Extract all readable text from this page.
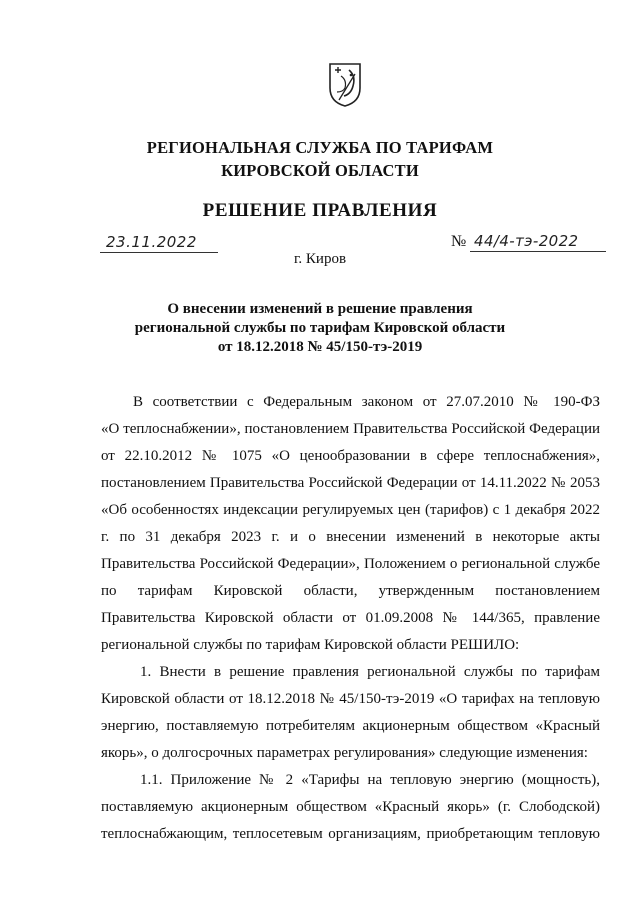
РЕГИОНАЛЬНАЯ СЛУЖБА ПО ТАРИФАМ
КИРОВСКОЙ ОБЛАСТИ
РЕШЕНИЕ ПРАВЛЕНИЯ
23.11.2022	№ 44/4-тэ-2022
г. Киров
О внесении изменений в решение правления
региональной службы по тарифам Кировской области
от 18.12.2018 № 45/150-тэ-2019
В соответствии с Федеральным законом от 27.07.2010 № 190-ФЗ
«О теплоснабжении», постановлением Правительства Российской Федерации
от 22.10.2012 № 1075 «О ценообразовании в сфере теплоснабжения»,
постановлением Правительства Российской Федерации от 14.11.2022 № 2053
«Об особенностях индексации регулируемых цен (тарифов) с 1 декабря 2022
г. по 31 декабря 2023 г. и о внесении изменений в некоторые акты
Правительства Российской Федерации», Положением о региональной службе
по тарифам Кировской области, утвержденным постановлением
Правительства Кировской области от 01.09.2008 № 144/365, правление
региональной службы по тарифам Кировской области РЕШИЛО:
1. Внести в решение правления региональной службы по тарифам
Кировской области от 18.12.2018 № 45/150-тэ-2019 «О тарифах на тепловую
энергию, поставляемую потребителям акционерным обществом «Красный
якорь», о долгосрочных параметрах регулирования» следующие изменения:
1.1. Приложение № 2 «Тарифы на тепловую энергию (мощность),
поставляемую акционерным обществом «Красный якорь» (г. Слободской)
теплоснабжающим, теплосетевым организациям, приобретающим тепловую
